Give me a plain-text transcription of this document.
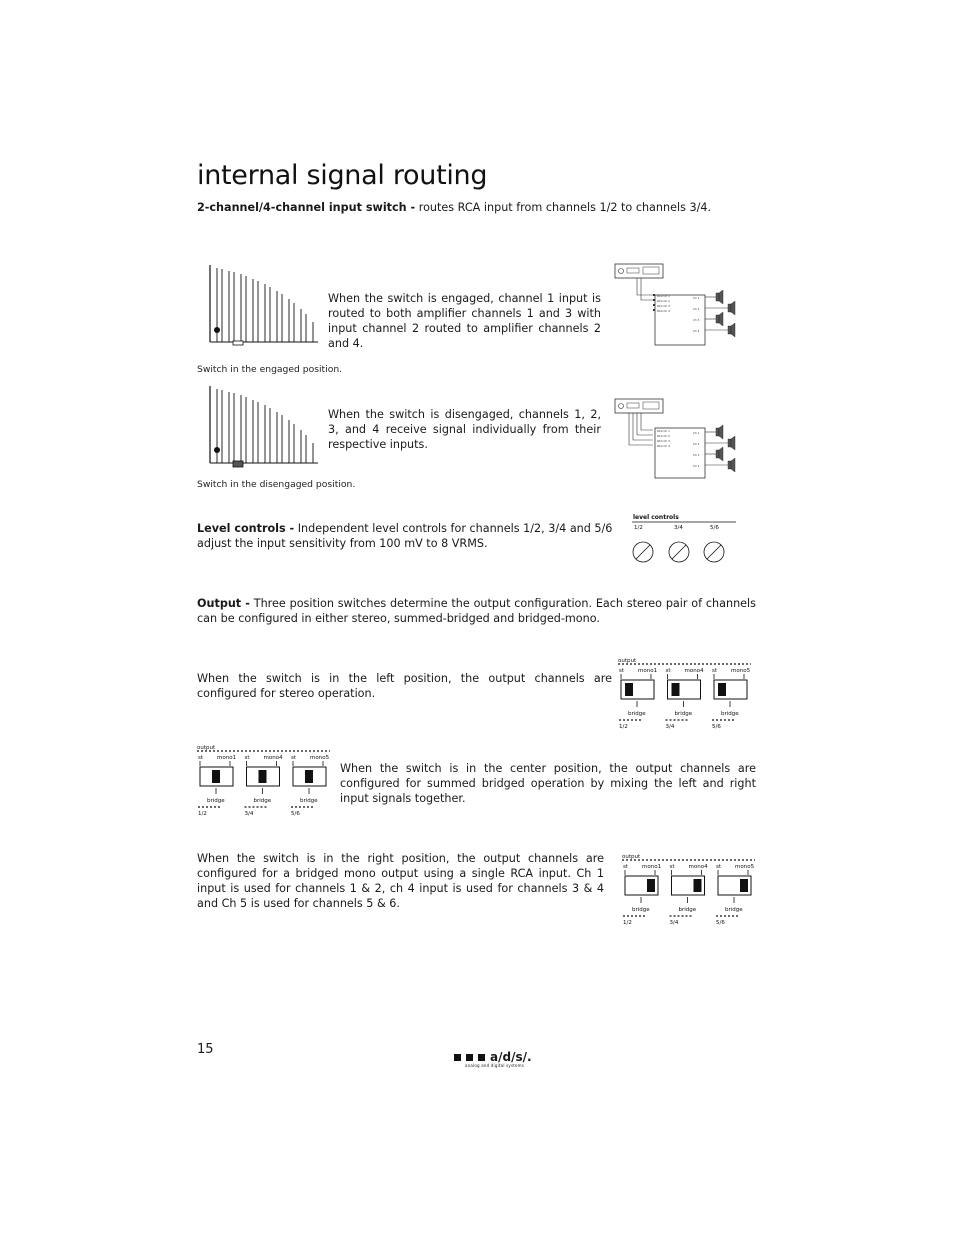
internal signal routing
2-channel/4-channel input switch - routes RCA input from channels 1/2 to channels 3/4.
When the switch is engaged, channel 1 input is routed to both amplifier channels 1 and 3 with input channel 2 routed to amplifier channels 2 and 4.
RCA Ch 1
RCA Ch 2
RCA Ch 3
RCA Ch 4
Ch 1
Ch 2
Ch 3
Ch 4
Switch in the engaged position.
When the switch is disengaged, channels 1, 2, 3, and 4 receive signal individually from their respective inputs.
RCA Ch 1
RCA Ch 2
RCA Ch 3
RCA Ch 4
Ch 1
Ch 2
Ch 3
Ch 4
Switch in the disengaged position.
Level controls - Independent level controls for channels 1/2, 3/4 and 5/6 adjust the input sensitivity from 100 mV to 8 VRMS.
level controls
1/2	3/4	5/6
Output - Three position switches determine the output configuration. Each stereo pair of channels can be configured in either stereo, summed-bridged and bridged-mono.
When the switch is in the left position, the output channels are configured for stereo operation.
output
st	mono1
bridge
1/2
st	mono4
bridge
3/4
st	mono5
bridge
5/6
output
st	mono1
bridge
1/2
st	mono4
bridge
3/4
st	mono5
bridge
5/6
When the switch is in the center position, the output channels are configured for summed bridged operation by mixing the left and right input signals together.
When the switch is in the right position, the output channels are configured for a bridged mono output using a single RCA input. Ch 1 input is used for channels 1 & 2, ch 4 input is used for channels 3 & 4 and Ch 5 is used for channels 5 & 6.
output
st	mono1
bridge
1/2
st	mono4
bridge
3/4
st	mono5
bridge
5/6
15	a/d/s/.
analog and digital systems
